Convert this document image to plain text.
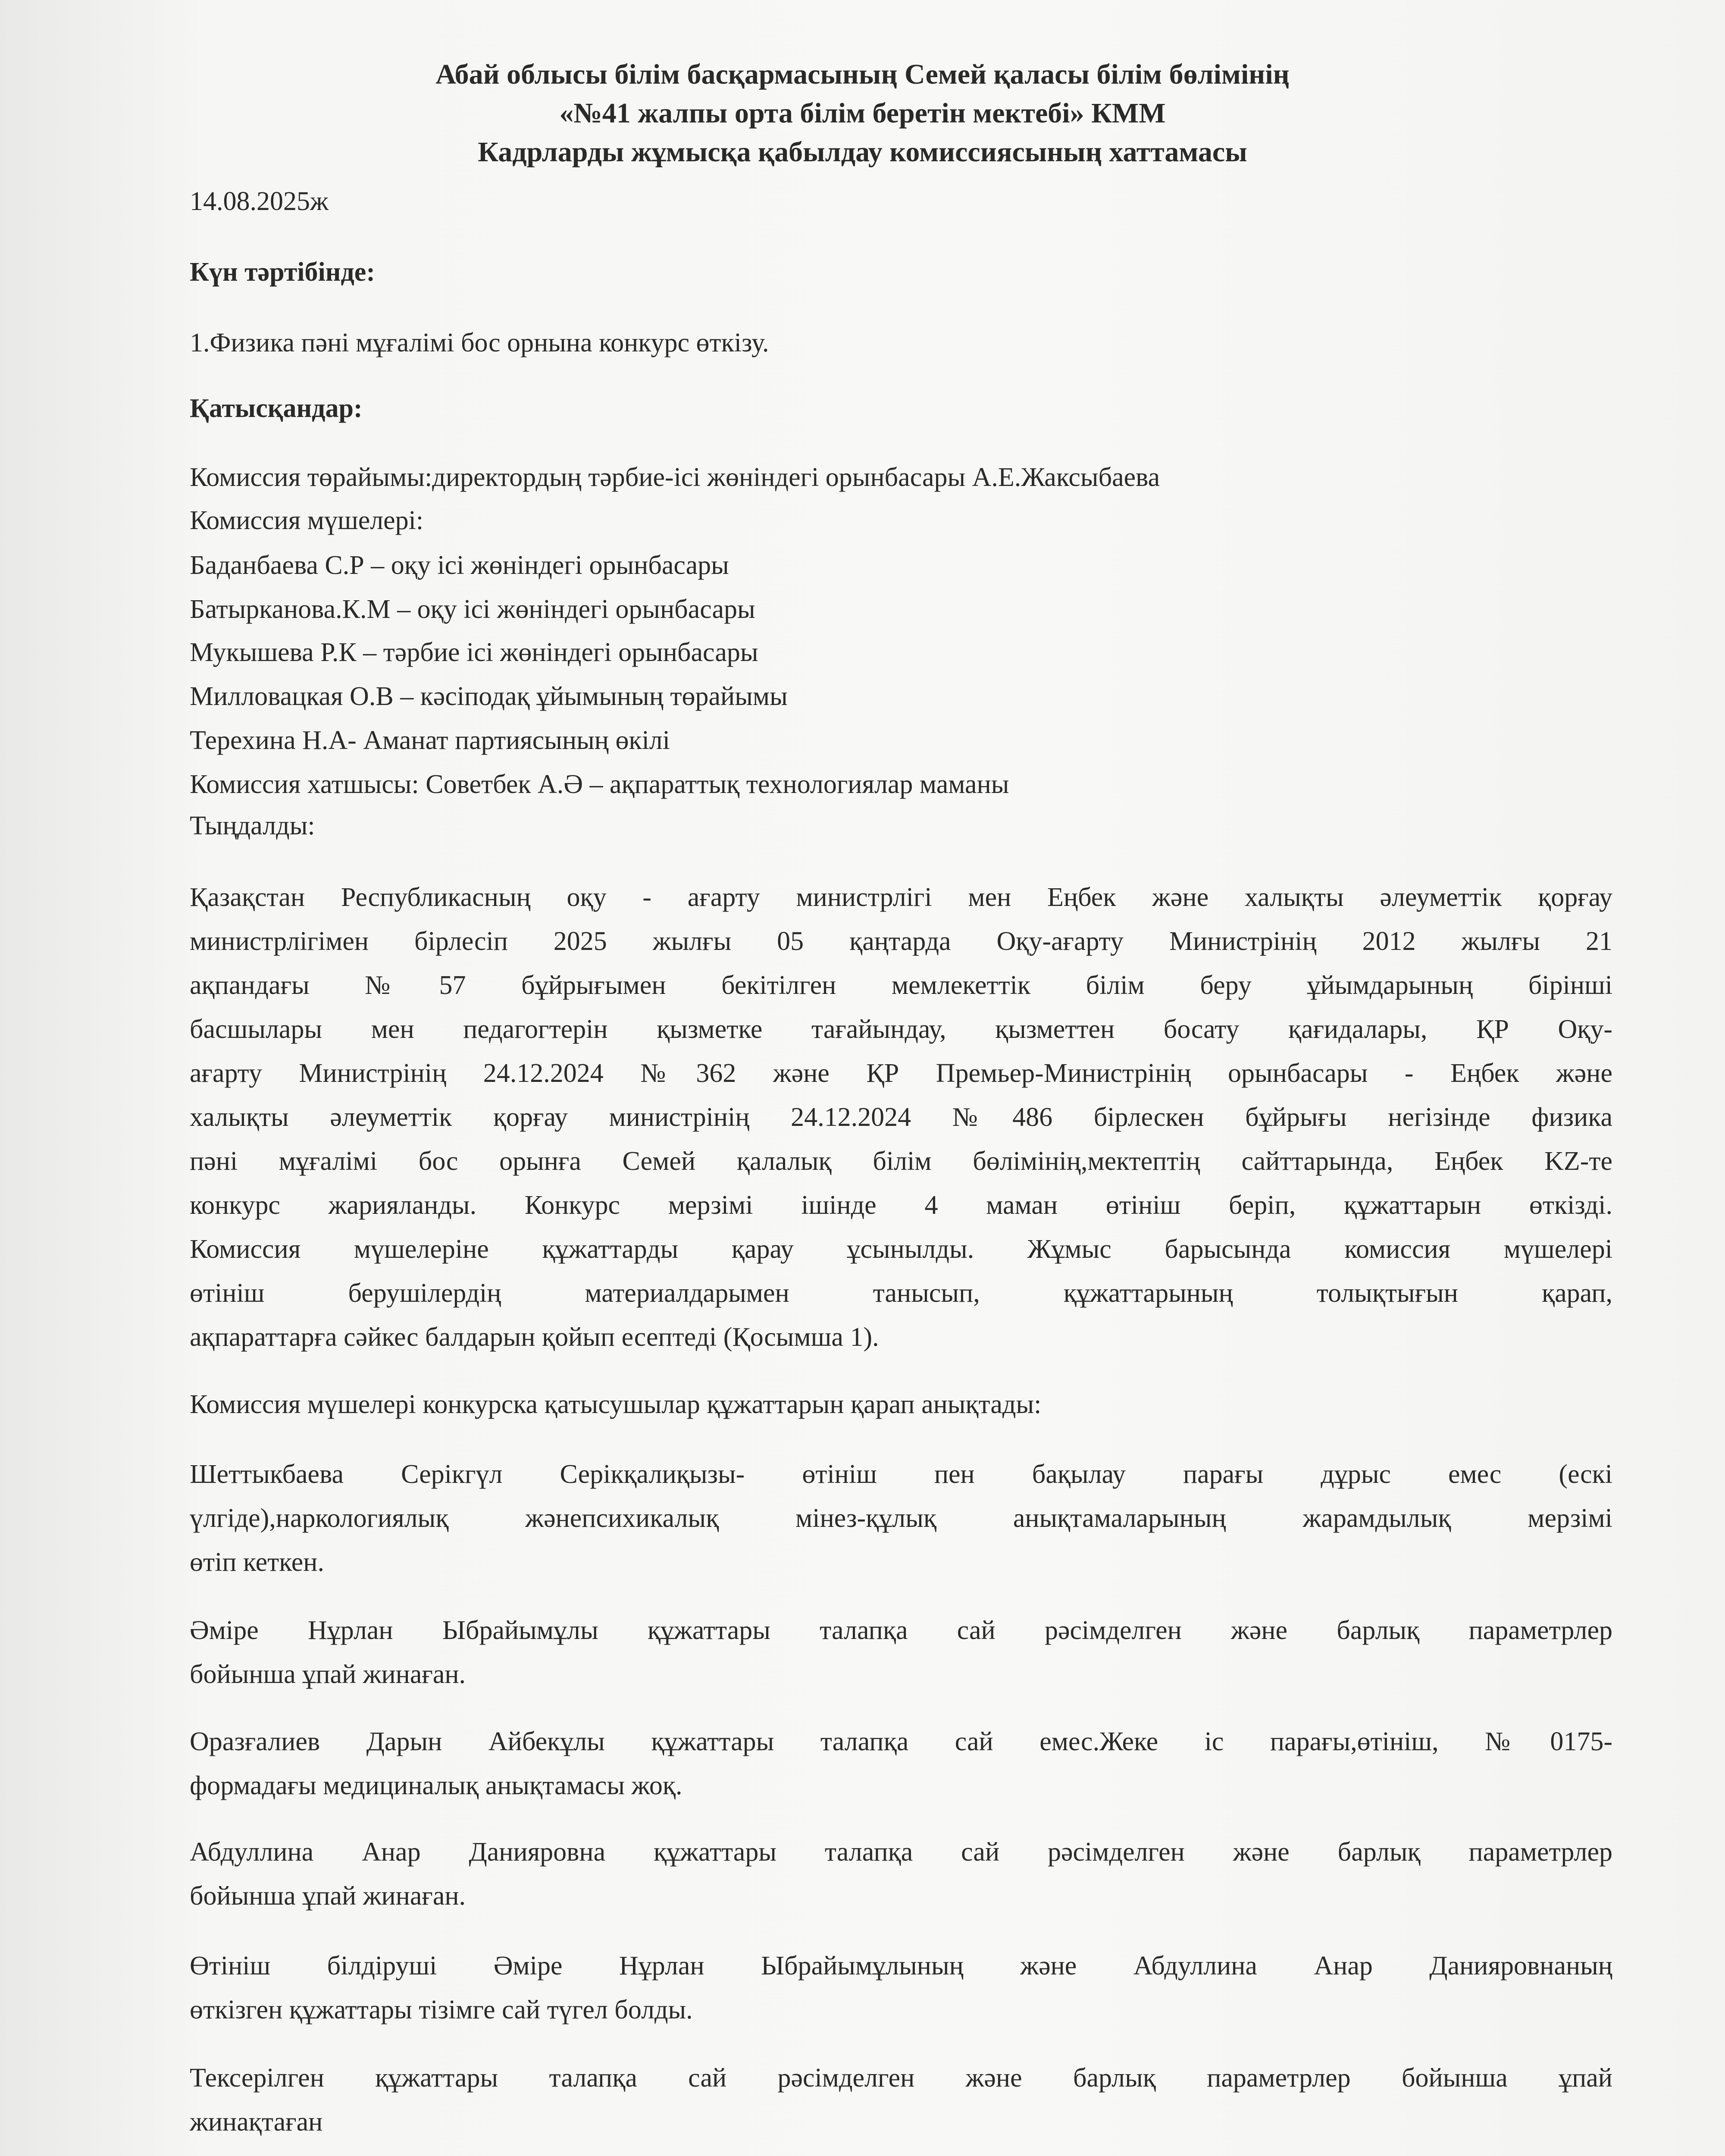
Абай облысы білім басқармасының Семей қаласы білім бөлімінің
«№41 жалпы орта білім беретін мектебі» КММ
Кадрларды жұмысқа қабылдау комиссиясының хаттамасы
14.08.2025ж
Күн тәртібінде:
1.Физика пәні мұғалімі бос орнына конкурс өткізу.
Қатысқандар:
Комиссия төрайымы:директордың тәрбие-ісі жөніндегі орынбасары А.Е.Жаксыбаева
Комиссия мүшелері:
Баданбаева С.Р – оқу ісі жөніндегі орынбасары
Батырканова.К.М – оқу ісі жөніндегі орынбасары
Мукышева Р.К – тәрбие ісі жөніндегі орынбасары
Милловацкая О.В – кәсіподақ ұйымының төрайымы
Терехина Н.А- Аманат партиясының өкілі
Комиссия хатшысы: Советбек А.Ә – ақпараттық технологиялар маманы
Тыңдалды:
Қазақстан Республикасның оқу - ағарту министрлігі мен Еңбек және халықты әлеуметтік қорғау
министрлігімен бірлесіп 2025 жылғы 05 қаңтарда Оқу-ағарту Министрінің 2012 жылғы 21
ақпандағы №57 бұйрығымен бекітілген мемлекеттік білім беру ұйымдарының бірінші
басшылары мен педагогтерін қызметке тағайындау, қызметтен босату қағидалары, ҚР Оқу-
ағарту Министрінің 24.12.2024 №362 және ҚР Премьер-Министрінің орынбасары - Еңбек және
халықты әлеуметтік қорғау министрінің 24.12.2024 №486 бірлескен бұйрығы негізінде физика
пәні мұғалімі бос орынға Семей қалалық білім бөлімінің,мектептің сайттарында, Еңбек KZ-те
конкурс жарияланды. Конкурс мерзімі ішінде 4 маман өтініш беріп, құжаттарын өткізді.
Комиссия мүшелеріне құжаттарды қарау ұсынылды. Жұмыс барысында комиссия мүшелері
өтініш берушілердің материалдарымен танысып, құжаттарының толықтығын қарап,
ақпараттарға сәйкес балдарын қойып есептеді (Қосымша 1).
Комиссия мүшелері конкурска қатысушылар құжаттарын қарап анықтады:
Шеттыкбаева Серікгүл Серікқалиқызы- өтініш пен бақылау парағы дұрыс емес (ескі
үлгіде),наркологиялық жәнепсихикалық мінез-құлық анықтамаларының жарамдылық мерзімі
өтіп кеткен.
Әміре Нұрлан Ыбрайымұлы құжаттары талапқа сай рәсімделген және барлық параметрлер
бойынша ұпай жинаған.
Оразғалиев Дарын Айбекұлы құжаттары талапқа сай емес.Жеке іс парағы,өтініш, №0175-
формадағы медициналық анықтамасы жоқ.
Абдуллина Анар Данияровна құжаттары талапқа сай рәсімделген және барлық параметрлер
бойынша ұпай жинаған.
Өтініш білдіруші Әміре Нұрлан Ыбрайымұлының және Абдуллина Анар Данияровнаның
өткізген құжаттары тізімге сай түгел болды.
Тексерілген құжаттары талапқа сай рәсімделген және барлық параметрлер бойынша ұпай
жинақтаған
